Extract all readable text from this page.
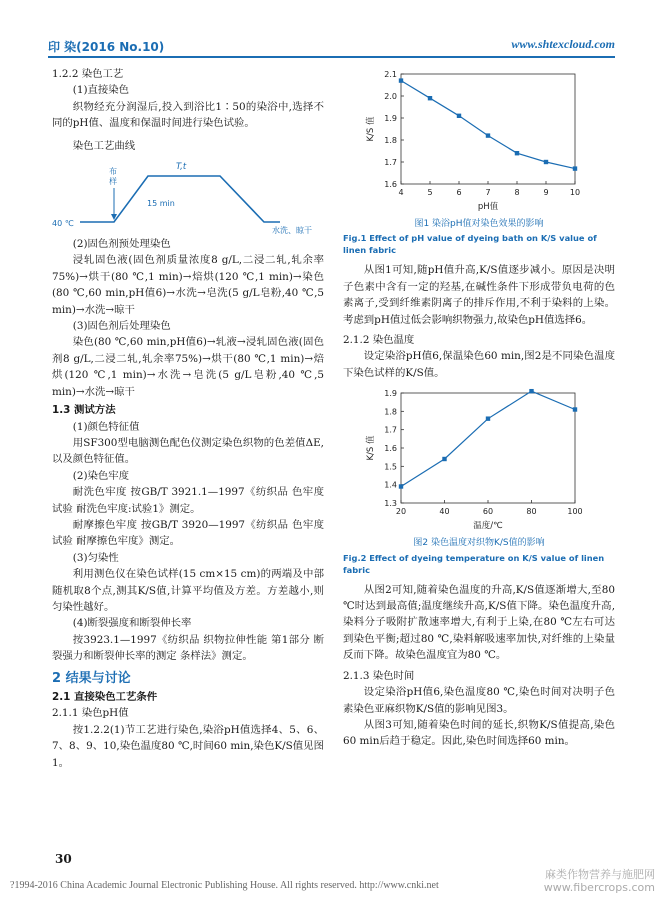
印 染(2016 No.10)	www.shtexcloud.com
1.2.2 染色工艺
(1)直接染色
织物经充分润湿后,投入到浴比1∶50的染浴中,选择不同的pH值、温度和保温时间进行染色试验。
染色工艺曲线
布
样
T,t
15 min
40 ℃
水洗、晾干
(2)固色剂预处理染色
浸轧固色液(固色剂质量浓度8 g/L,二浸二轧,轧余率75%)→烘干(80 ℃,1 min)→焙烘(120 ℃,1 min)→染色(80 ℃,60 min,pH值6)→水洗→皂洗(5 g/L皂粉,40 ℃,5 min)→水洗→晾干
(3)固色剂后处理染色
染色(80 ℃,60 min,pH值6)→轧液→浸轧固色液(固色剂8 g/L,二浸二轧,轧余率75%)→烘干(80 ℃,1 min)→焙烘(120 ℃,1 min)→水洗→皂洗(5 g/L皂粉,40 ℃,5 min)→水洗→晾干
1.3 测试方法
(1)颜色特征值
用SF300型电脑测色配色仪测定染色织物的色差值ΔE,以及颜色特征值。
(2)染色牢度
耐洗色牢度 按GB/T 3921.1—1997《纺织品 色牢度试验 耐洗色牢度:试验1》测定。
耐摩擦色牢度 按GB/T 3920—1997《纺织品 色牢度试验 耐摩擦色牢度》测定。
(3)匀染性
利用测色仪在染色试样(15 cm×15 cm)的两端及中部随机取8个点,测其K/S值,计算平均值及方差。方差越小,则匀染性越好。
(4)断裂强度和断裂伸长率
按3923.1—1997《纺织品 织物拉伸性能 第1部分 断裂强力和断裂伸长率的测定 条样法》测定。
2 结果与讨论
2.1 直接染色工艺条件
2.1.1 染色pH值
按1.2.2(1)节工艺进行染色,染浴pH值选择4、5、6、7、8、9、10,染色温度80 ℃,时间60 min,染色K/S值见图1。
4	5	6	7	8	9	10
1.6
1.7
1.8
1.9
2.0
2.1
pH值
K/S 值
图1 染浴pH值对染色效果的影响
Fig.1 Effect of pH value of dyeing bath on K/S value of linen fabric
从图1可知,随pH值升高,K/S值逐步减小。原因是决明子色素中含有一定的羟基,在碱性条件下形成带负电荷的色素离子,受到纤维素阴离子的排斥作用,不利于染料的上染。考虑到pH值过低会影响织物强力,故染色pH值选择6。
2.1.2 染色温度
设定染浴pH值6,保温染色60 min,图2是不同染色温度下染色试样的K/S值。
20	40	60	80	100
1.3
1.4
1.5
1.6
1.7
1.8
1.9
温度/℃
K/S 值
图2 染色温度对织物K/S值的影响
Fig.2 Effect of dyeing temperature on K/S value of linen fabric
从图2可知,随着染色温度的升高,K/S值逐渐增大,至80 ℃时达到最高值;温度继续升高,K/S值下降。染色温度升高,染料分子吸附扩散速率增大,有利于上染,在80 ℃左右可达到染色平衡;超过80 ℃,染料解吸速率加快,对纤维的上染量反而下降。故染色温度宜为80 ℃。
2.1.3 染色时间
设定染浴pH值6,染色温度80 ℃,染色时间对决明子色素染色亚麻织物K/S值的影响见图3。
从图3可知,随着染色时间的延长,织物K/S值提高,染色60 min后趋于稳定。因此,染色时间选择60 min。
30
?1994-2016 China Academic Journal Electronic Publishing House. All rights reserved. http://www.cnki.net
麻类作物营养与施肥网
www.fibercrops.com
